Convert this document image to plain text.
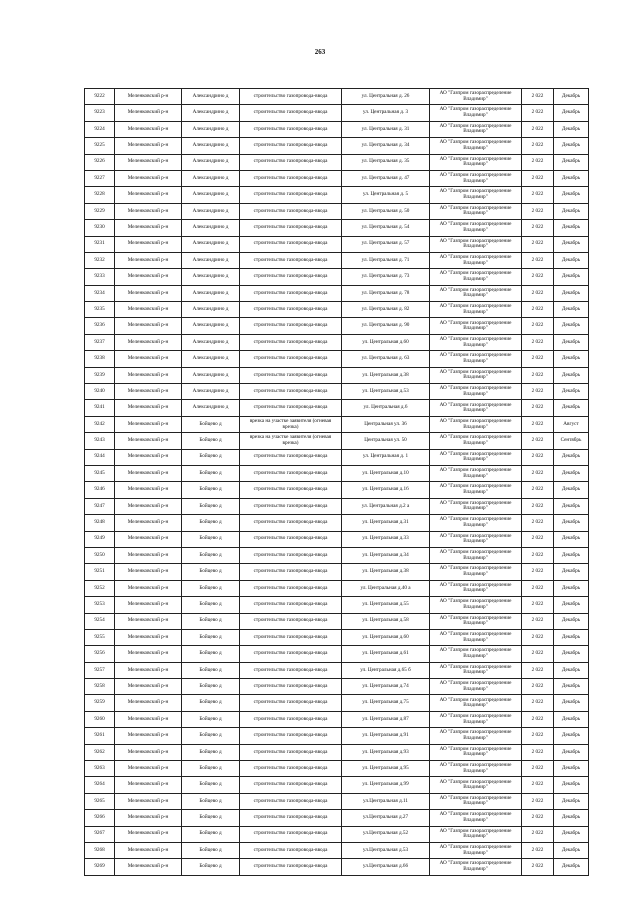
263
9222	Меленковский р-н	Александрино д	строительство газопровода-ввода	ул. Центральная д. 26	АО "Газпром газораспределение Владимир"	2 022	Декабрь
9223	Меленковский р-н	Александрино д	строительство газопровода-ввода	ул. Центральная д. 3	АО "Газпром газораспределение Владимир"	2 022	Декабрь
9224	Меленковский р-н	Александрино д	строительство газопровода-ввода	ул. Центральная д. 31	АО "Газпром газораспределение Владимир"	2 022	Декабрь
9225	Меленковский р-н	Александрино д	строительство газопровода-ввода	ул. Центральная д. 34	АО "Газпром газораспределение Владимир"	2 022	Декабрь
9226	Меленковский р-н	Александрино д	строительство газопровода-ввода	ул. Центральная д. 35	АО "Газпром газораспределение Владимир"	2 022	Декабрь
9227	Меленковский р-н	Александрино д	строительство газопровода-ввода	ул. Центральная д. 47	АО "Газпром газораспределение Владимир"	2 022	Декабрь
9228	Меленковский р-н	Александрино д	строительство газопровода-ввода	ул. Центральная д. 5	АО "Газпром газораспределение Владимир"	2 022	Декабрь
9229	Меленковский р-н	Александрино д	строительство газопровода-ввода	ул. Центральная д. 50	АО "Газпром газораспределение Владимир"	2 022	Декабрь
9230	Меленковский р-н	Александрино д	строительство газопровода-ввода	ул. Центральная д. 54	АО "Газпром газораспределение Владимир"	2 022	Декабрь
9231	Меленковский р-н	Александрино д	строительство газопровода-ввода	ул. Центральная д. 57	АО "Газпром газораспределение Владимир"	2 022	Декабрь
9232	Меленковский р-н	Александрино д	строительство газопровода-ввода	ул. Центральная д. 71	АО "Газпром газораспределение Владимир"	2 022	Декабрь
9233	Меленковский р-н	Александрино д	строительство газопровода-ввода	ул. Центральная д. 73	АО "Газпром газораспределение Владимир"	2 022	Декабрь
9234	Меленковский р-н	Александрино д	строительство газопровода-ввода	ул. Центральная д. 78	АО "Газпром газораспределение Владимир"	2 022	Декабрь
9235	Меленковский р-н	Александрино д	строительство газопровода-ввода	ул. Центральная д. 82	АО "Газпром газораспределение Владимир"	2 022	Декабрь
9236	Меленковский р-н	Александрино д	строительство газопровода-ввода	ул. Центральная д. 90	АО "Газпром газораспределение Владимир"	2 022	Декабрь
9237	Меленковский р-н	Александрино д	строительство газопровода-ввода	ул. Центральная д.60	АО "Газпром газораспределение Владимир"	2 022	Декабрь
9238	Меленковский р-н	Александрино д	строительство газопровода-ввода	ул. Центральная д. 63	АО "Газпром газораспределение Владимир"	2 022	Декабрь
9239	Меленковский р-н	Александрино д	строительство газопровода-ввода	ул. Центральная д.38	АО "Газпром газораспределение Владимир"	2 022	Декабрь
9240	Меленковский р-н	Александрино д	строительство газопровода-ввода	ул. Центральная д.53	АО "Газпром газораспределение Владимир"	2 022	Декабрь
9241	Меленковский р-н	Александрино д	строительство газопровода-ввода	ул. Центральная д.6	АО "Газпром газораспределение Владимир"	2 022	Декабрь
9242	Меленковский р-н	Бойцево д	врезка на участке заявителя (огневая врезка)	Центральная ул. 36	АО "Газпром газораспределение Владимир"	2 022	Август
9243	Меленковский р-н	Бойцево д	врезка на участке заявителя (огневая врезка)	Центральная ул. 50	АО "Газпром газораспределение Владимир"	2 022	Сентябрь
9244	Меленковский р-н	Бойцево д	строительство газопровода-ввода	ул. Центральная д. 1	АО "Газпром газораспределение Владимир"	2 022	Декабрь
9245	Меленковский р-н	Бойцево д	строительство газопровода-ввода	ул. Центральная д.10	АО "Газпром газораспределение Владимир"	2 022	Декабрь
9246	Меленковский р-н	Бойцево д	строительство газопровода-ввода	ул. Центральная д.16	АО "Газпром газораспределение Владимир"	2 022	Декабрь
9247	Меленковский р-н	Бойцево д	строительство газопровода-ввода	ул. Центральная д.2 а	АО "Газпром газораспределение Владимир"	2 022	Декабрь
9248	Меленковский р-н	Бойцево д	строительство газопровода-ввода	ул. Центральная д.31	АО "Газпром газораспределение Владимир"	2 022	Декабрь
9249	Меленковский р-н	Бойцево д	строительство газопровода-ввода	ул. Центральная д.33	АО "Газпром газораспределение Владимир"	2 022	Декабрь
9250	Меленковский р-н	Бойцево д	строительство газопровода-ввода	ул. Центральная д.34	АО "Газпром газораспределение Владимир"	2 022	Декабрь
9251	Меленковский р-н	Бойцево д	строительство газопровода-ввода	ул. Центральная д.38	АО "Газпром газораспределение Владимир"	2 022	Декабрь
9252	Меленковский р-н	Бойцево д	строительство газопровода-ввода	ул. Центральная д.40 а	АО "Газпром газораспределение Владимир"	2 022	Декабрь
9253	Меленковский р-н	Бойцево д	строительство газопровода-ввода	ул. Центральная д.55	АО "Газпром газораспределение Владимир"	2 022	Декабрь
9254	Меленковский р-н	Бойцево д	строительство газопровода-ввода	ул. Центральная д.58	АО "Газпром газораспределение Владимир"	2 022	Декабрь
9255	Меленковский р-н	Бойцево д	строительство газопровода-ввода	ул. Центральная д.60	АО "Газпром газораспределение Владимир"	2 022	Декабрь
9256	Меленковский р-н	Бойцево д	строительство газопровода-ввода	ул. Центральная д.61	АО "Газпром газораспределение Владимир"	2 022	Декабрь
9257	Меленковский р-н	Бойцево д	строительство газопровода-ввода	ул. Центральная д.65 б	АО "Газпром газораспределение Владимир"	2 022	Декабрь
9258	Меленковский р-н	Бойцево д	строительство газопровода-ввода	ул. Центральная д.74	АО "Газпром газораспределение Владимир"	2 022	Декабрь
9259	Меленковский р-н	Бойцево д	строительство газопровода-ввода	ул. Центральная д.75	АО "Газпром газораспределение Владимир"	2 022	Декабрь
9260	Меленковский р-н	Бойцево д	строительство газопровода-ввода	ул. Центральная д.87	АО "Газпром газораспределение Владимир"	2 022	Декабрь
9261	Меленковский р-н	Бойцево д	строительство газопровода-ввода	ул. Центральная д.91	АО "Газпром газораспределение Владимир"	2 022	Декабрь
9262	Меленковский р-н	Бойцево д	строительство газопровода-ввода	ул. Центральная д.93	АО "Газпром газораспределение Владимир"	2 022	Декабрь
9263	Меленковский р-н	Бойцево д	строительство газопровода-ввода	ул. Центральная д.95	АО "Газпром газораспределение Владимир"	2 022	Декабрь
9264	Меленковский р-н	Бойцево д	строительство газопровода-ввода	ул. Центральная д.99	АО "Газпром газораспределение Владимир"	2 022	Декабрь
9265	Меленковский р-н	Бойцево д	строительство газопровода-ввода	ул.Центральная д.11	АО "Газпром газораспределение Владимир"	2 022	Декабрь
9266	Меленковский р-н	Бойцево д	строительство газопровода-ввода	ул.Центральная д.27	АО "Газпром газораспределение Владимир"	2 022	Декабрь
9267	Меленковский р-н	Бойцево д	строительство газопровода-ввода	ул.Центральная д.52	АО "Газпром газораспределение Владимир"	2 022	Декабрь
9268	Меленковский р-н	Бойцево д	строительство газопровода-ввода	ул.Центральная д.53	АО "Газпром газораспределение Владимир"	2 022	Декабрь
9269	Меленковский р-н	Бойцево д	строительство газопровода-ввода	ул.Центральная д.66	АО "Газпром газораспределение Владимир"	2 022	Декабрь
